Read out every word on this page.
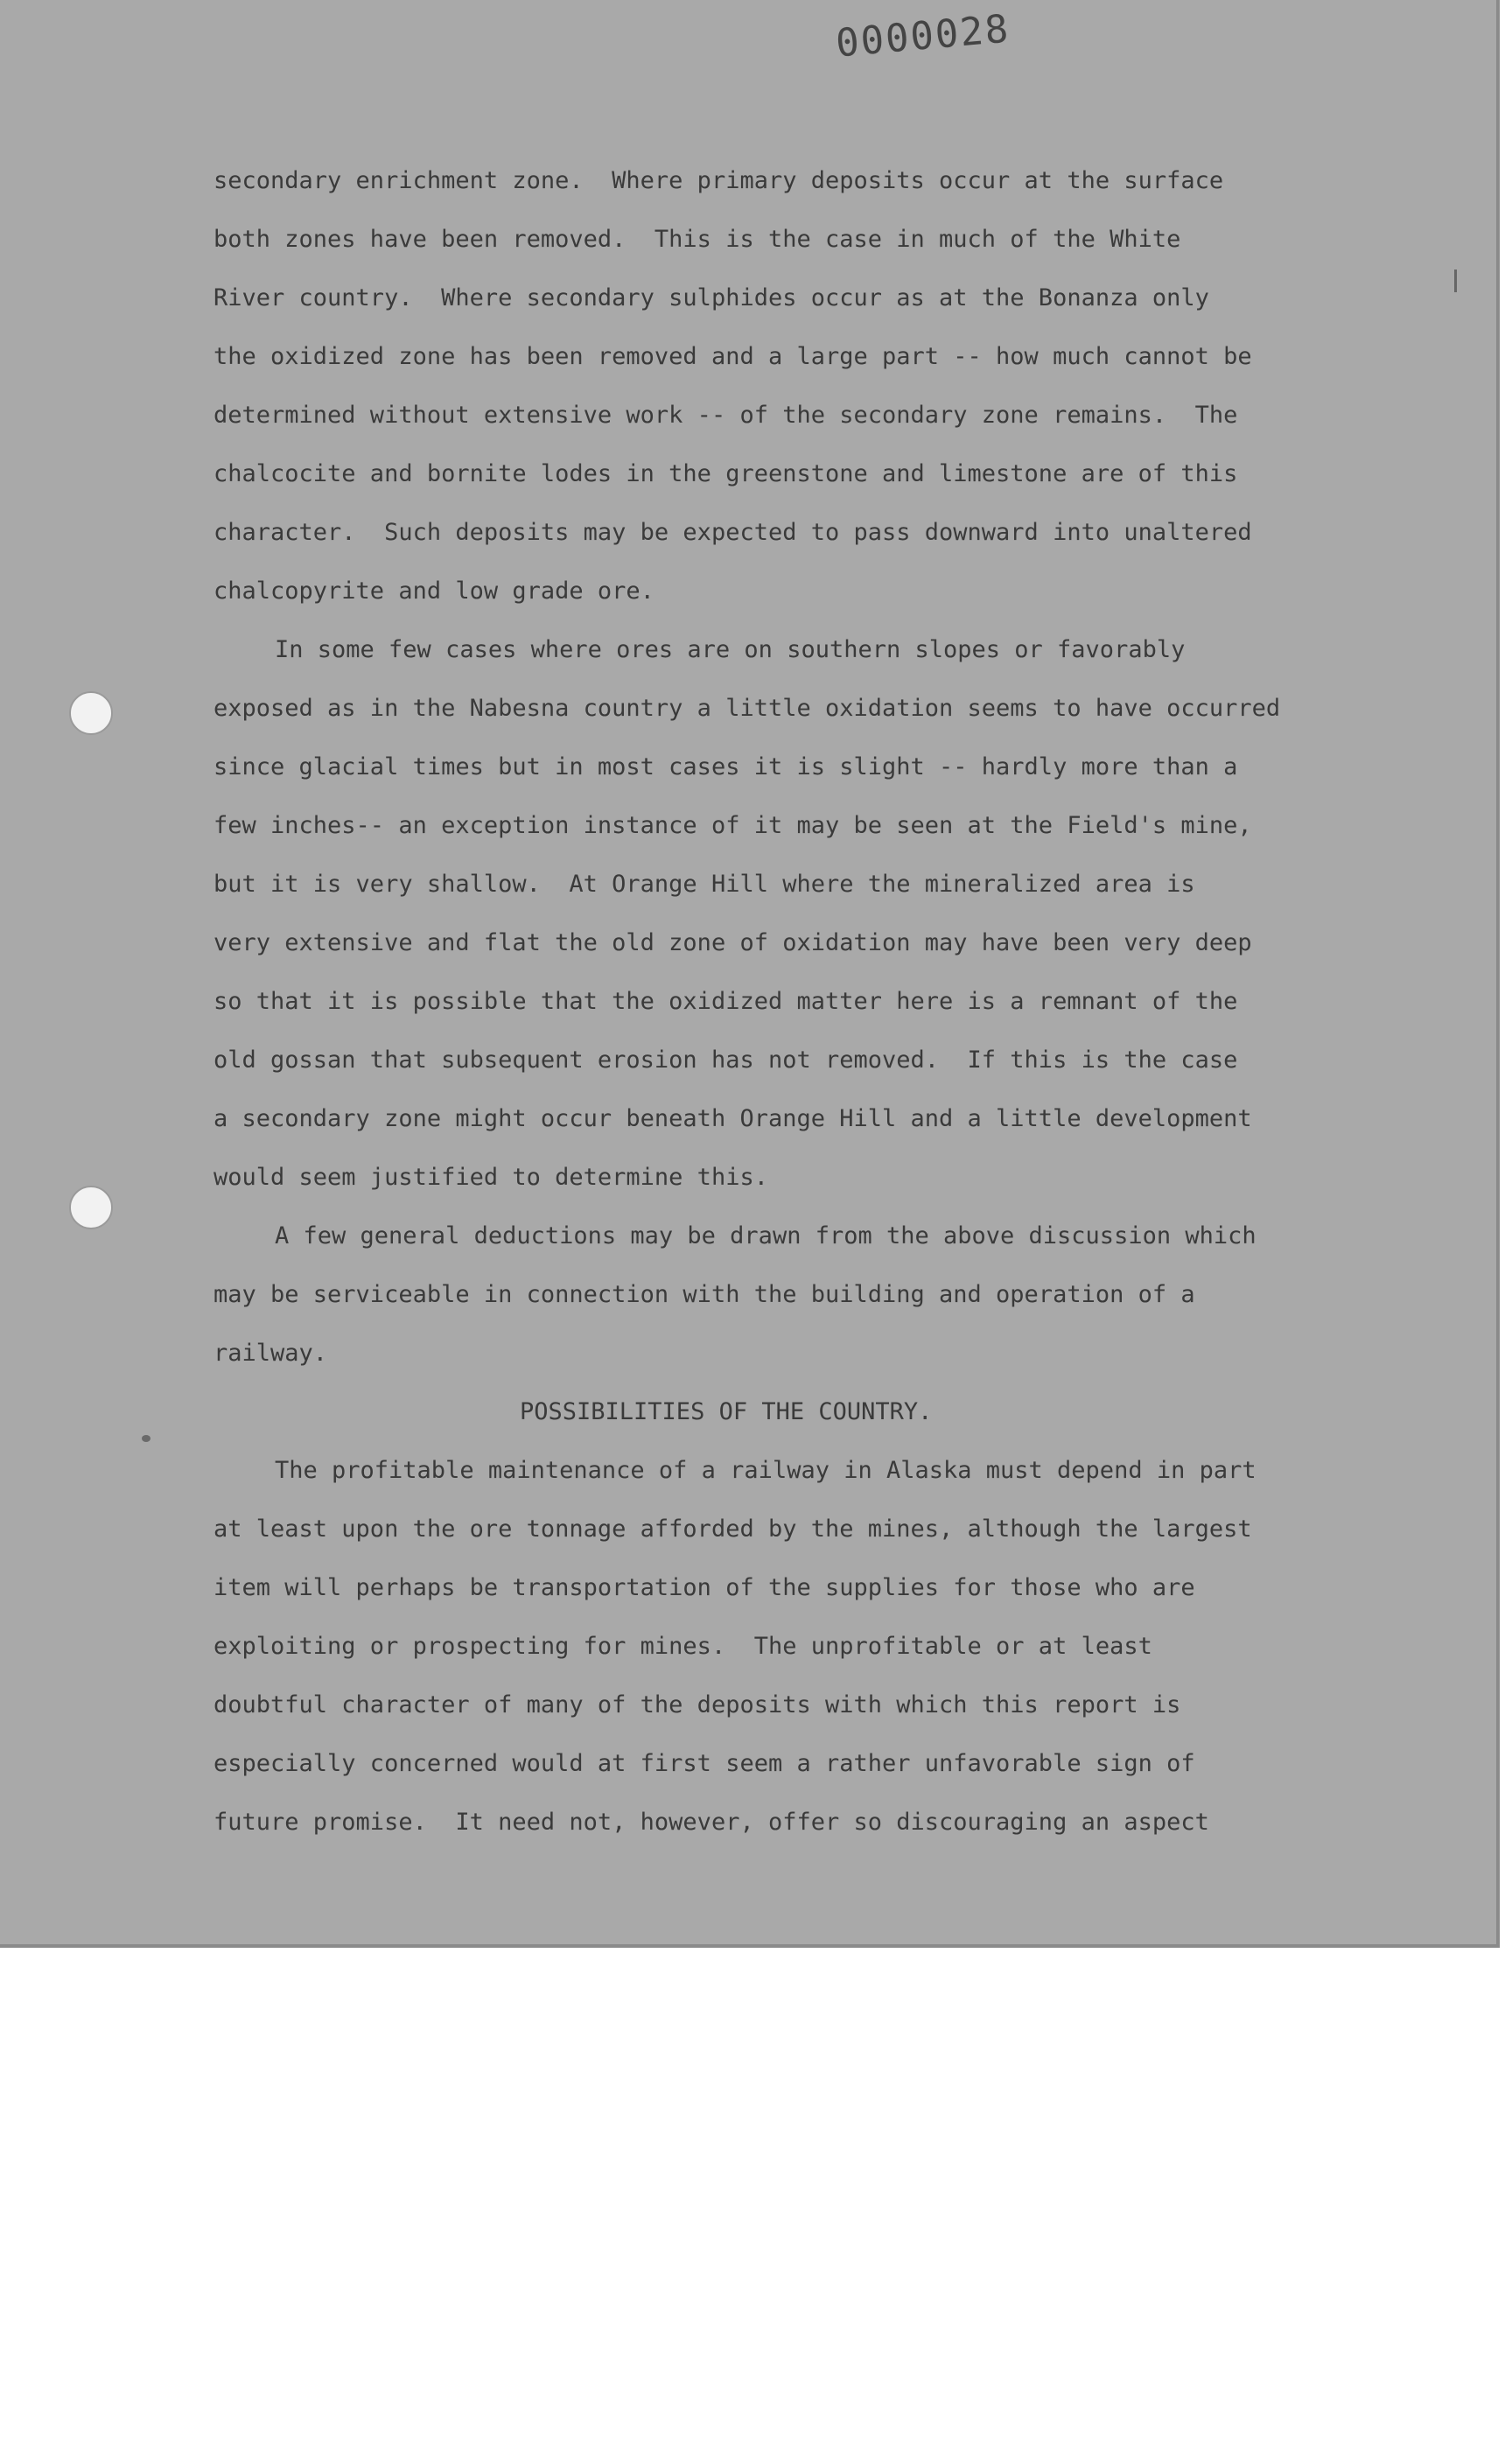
0000028
secondary enrichment zone.  Where primary deposits occur at the surface
both zones have been removed.  This is the case in much of the White
River country.  Where secondary sulphides occur as at the Bonanza only
the oxidized zone has been removed and a large part -- how much cannot be
determined without extensive work -- of the secondary zone remains.  The
chalcocite and bornite lodes in the greenstone and limestone are of this
character.  Such deposits may be expected to pass downward into unaltered
chalcopyrite and low grade ore.
In some few cases where ores are on southern slopes or favorably
exposed as in the Nabesna country a little oxidation seems to have occurred
since glacial times but in most cases it is slight -- hardly more than a
few inches-- an exception instance of it may be seen at the Field's mine,
but it is very shallow.  At Orange Hill where the mineralized area is
very extensive and flat the old zone of oxidation may have been very deep
so that it is possible that the oxidized matter here is a remnant of the
old gossan that subsequent erosion has not removed.  If this is the case
a secondary zone might occur beneath Orange Hill and a little development
would seem justified to determine this.
A few general deductions may be drawn from the above discussion which
may be serviceable in connection with the building and operation of a
railway.
POSSIBILITIES OF THE COUNTRY.
The profitable maintenance of a railway in Alaska must depend in part
at least upon the ore tonnage afforded by the mines, although the largest
item will perhaps be transportation of the supplies for those who are
exploiting or prospecting for mines.  The unprofitable or at least
doubtful character of many of the deposits with which this report is
especially concerned would at first seem a rather unfavorable sign of
future promise.  It need not, however, offer so discouraging an aspect
